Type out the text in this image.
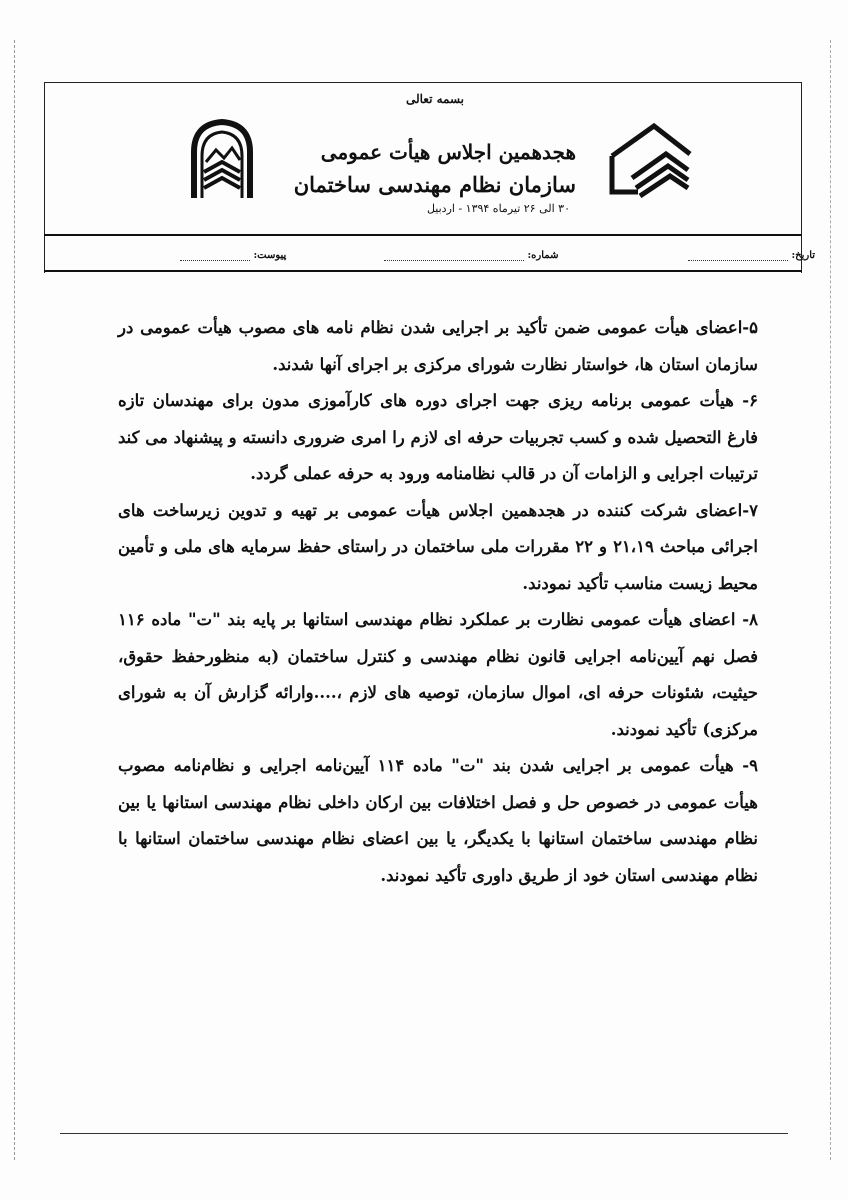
بسمه تعالی
هجدهمین اجلاس هیأت عمومی
سازمان نظام مهندسی ساختمان
۳۰ الی ۲۶ تیرماه ۱۳۹۴ - اردبیل
تاریخ:
شماره:
پیوست:

۵-اعضای هیأت عمومی ضمن تأکید بر اجرایی شدن نظام نامه های مصوب هیأت عمومی در سازمان استان ها، خواستار نظارت شورای مرکزی بر اجرای آنها شدند.

۶- هیأت عمومی برنامه ریزی جهت اجرای دوره های کارآموزی مدون برای مهندسان تازه فارغ التحصیل شده و کسب تجربیات حرفه ای لازم را امری ضروری دانسته و پیشنهاد می کند ترتیبات اجرایی و الزامات آن در قالب نظامنامه ورود به حرفه عملی گردد.

۷-اعضای شرکت کننده در هجدهمین اجلاس هیأت عمومی بر تهیه و تدوین زیرساخت های اجرائی مباحث ۲۱،۱۹ و ۲۲ مقررات ملی ساختمان در راستای حفظ سرمایه های ملی و تأمین محیط زیست مناسب تأکید نمودند.

۸- اعضای هیأت عمومی نظارت بر عملکرد نظام مهندسی استانها بر پایه بند "ت" ماده ۱۱۶ فصل نهم آیین‌نامه اجرایی قانون نظام مهندسی و کنترل ساختمان (به منظورحفظ حقوق، حیثیت، شئونات حرفه ای، اموال سازمان، توصیه های لازم ،....وارائه گزارش آن به شورای مرکزی) تأکید نمودند.

۹- هیأت عمومی بر اجرایی شدن بند "ت" ماده ۱۱۴ آیین‌نامه اجرایی و نظام‌نامه مصوب هیأت عمومی در خصوص حل و فصل اختلافات بین ارکان داخلی نظام مهندسی استانها یا بین نظام مهندسی ساختمان استانها با یکدیگر، یا بین اعضای نظام مهندسی ساختمان استانها با نظام مهندسی استان خود از طریق داوری تأکید نمودند.
